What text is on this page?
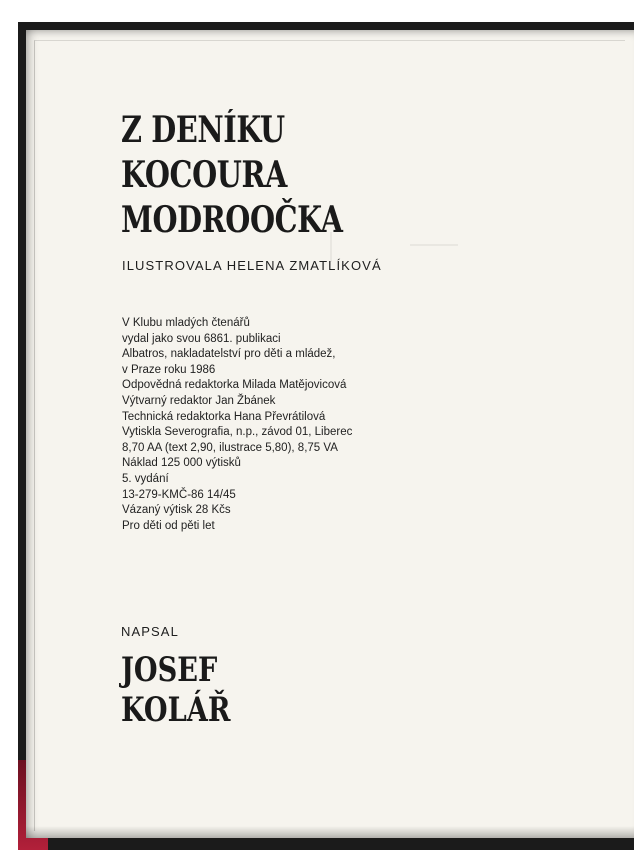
Z DENÍKU
KOCOURA
MODROOČKA
ILUSTROVALA HELENA ZMATLÍKOVÁ
V Klubu mladých čtenářů
vydal jako svou 6861. publikaci
Albatros, nakladatelství pro děti a mládež,
v Praze roku 1986
Odpovědná redaktorka Milada Matějovicová
Výtvarný redaktor Jan Žbánek
Technická redaktorka Hana Převrátilová
Vytiskla Severografia, n.p., závod 01, Liberec
8,70 AA (text 2,90, ilustrace 5,80), 8,75 VA
Náklad 125 000 výtisků
5. vydání
13-279-KMČ-86 14/45
Vázaný výtisk 28 Kčs
Pro děti od pěti let
NAPSAL
JOSEF
KOLÁŘ
